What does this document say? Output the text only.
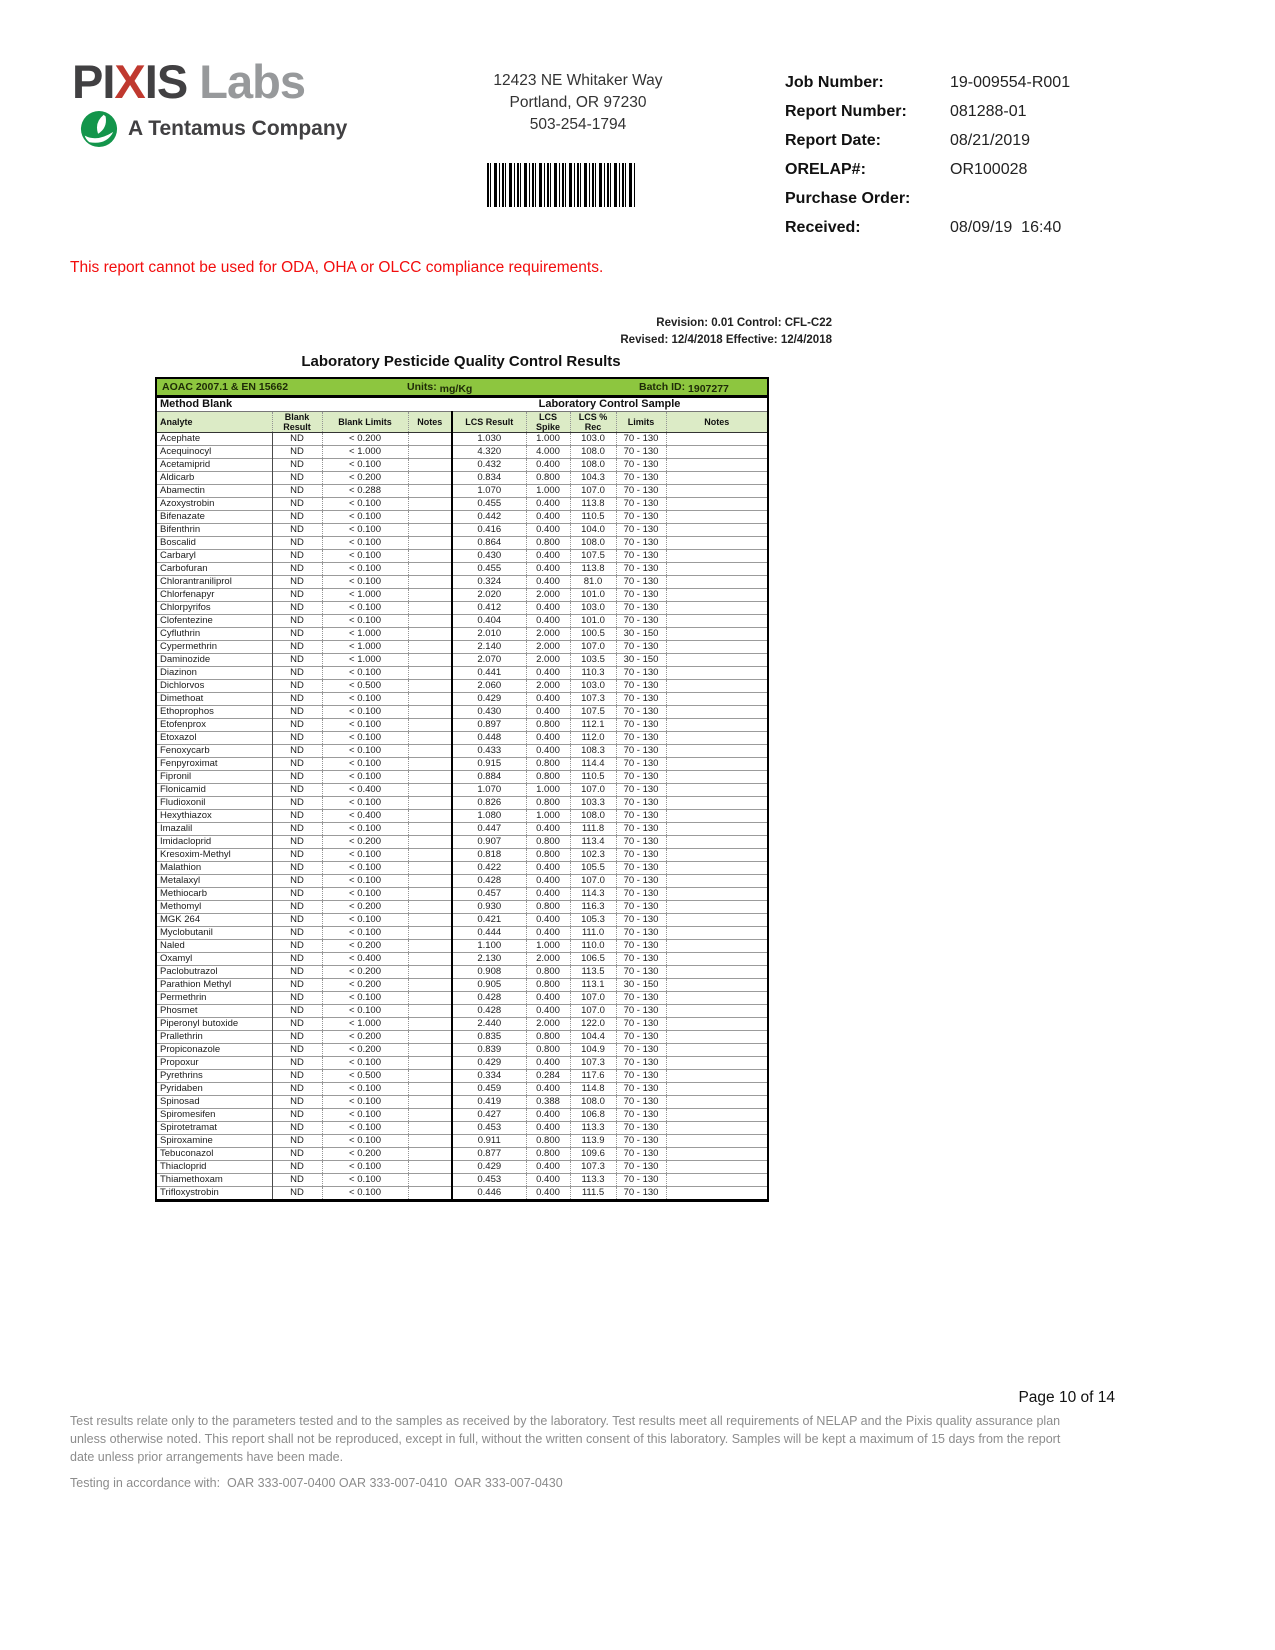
PIXIS Labs
A Tentamus Company
12423 NE Whitaker Way
Portland, OR 97230
503-254-1794
Job Number:	19-009554-R001
Report Number:	081288-01
Report Date:	08/21/2019
ORELAP#:	OR100028
Purchase Order:
Received:	08/09/19  16:40
This report cannot be used for ODA, OHA or OLCC compliance requirements.
Revision: 0.01 Control: CFL-C22
Revised: 12/4/2018 Effective: 12/4/2018
Laboratory Pesticide Quality Control Results
AOAC 2007.1 & EN 15662 Units: mg/Kg Batch ID: 1907277								

Method Blank				Laboratory Control Sample				
Analyte	Blank Result	Blank Limits	Notes	LCS Result	LCS Spike	LCS % Rec	Limits	Notes
Acephate	ND	< 0.200		1.030	1.000	103.0	70 - 130	
Acequinocyl	ND	< 1.000		4.320	4.000	108.0	70 - 130	
Acetamiprid	ND	< 0.100		0.432	0.400	108.0	70 - 130	
Aldicarb	ND	< 0.200		0.834	0.800	104.3	70 - 130	
Abamectin	ND	< 0.288		1.070	1.000	107.0	70 - 130	
Azoxystrobin	ND	< 0.100		0.455	0.400	113.8	70 - 130	
Bifenazate	ND	< 0.100		0.442	0.400	110.5	70 - 130	
Bifenthrin	ND	< 0.100		0.416	0.400	104.0	70 - 130	
Boscalid	ND	< 0.100		0.864	0.800	108.0	70 - 130	
Carbaryl	ND	< 0.100		0.430	0.400	107.5	70 - 130	
Carbofuran	ND	< 0.100		0.455	0.400	113.8	70 - 130	
Chlorantraniliprol	ND	< 0.100		0.324	0.400	81.0	70 - 130	
Chlorfenapyr	ND	< 1.000		2.020	2.000	101.0	70 - 130	
Chlorpyrifos	ND	< 0.100		0.412	0.400	103.0	70 - 130	
Clofentezine	ND	< 0.100		0.404	0.400	101.0	70 - 130	
Cyfluthrin	ND	< 1.000		2.010	2.000	100.5	30 - 150	
Cypermethrin	ND	< 1.000		2.140	2.000	107.0	70 - 130	
Daminozide	ND	< 1.000		2.070	2.000	103.5	30 - 150	
Diazinon	ND	< 0.100		0.441	0.400	110.3	70 - 130	
Dichlorvos	ND	< 0.500		2.060	2.000	103.0	70 - 130	
Dimethoat	ND	< 0.100		0.429	0.400	107.3	70 - 130	
Ethoprophos	ND	< 0.100		0.430	0.400	107.5	70 - 130	
Etofenprox	ND	< 0.100		0.897	0.800	112.1	70 - 130	
Etoxazol	ND	< 0.100		0.448	0.400	112.0	70 - 130	
Fenoxycarb	ND	< 0.100		0.433	0.400	108.3	70 - 130	
Fenpyroximat	ND	< 0.100		0.915	0.800	114.4	70 - 130	
Fipronil	ND	< 0.100		0.884	0.800	110.5	70 - 130	
Flonicamid	ND	< 0.400		1.070	1.000	107.0	70 - 130	
Fludioxonil	ND	< 0.100		0.826	0.800	103.3	70 - 130	
Hexythiazox	ND	< 0.400		1.080	1.000	108.0	70 - 130	
Imazalil	ND	< 0.100		0.447	0.400	111.8	70 - 130	
Imidacloprid	ND	< 0.200		0.907	0.800	113.4	70 - 130	
Kresoxim-Methyl	ND	< 0.100		0.818	0.800	102.3	70 - 130	
Malathion	ND	< 0.100		0.422	0.400	105.5	70 - 130	
Metalaxyl	ND	< 0.100		0.428	0.400	107.0	70 - 130	
Methiocarb	ND	< 0.100		0.457	0.400	114.3	70 - 130	
Methomyl	ND	< 0.200		0.930	0.800	116.3	70 - 130	
MGK 264	ND	< 0.100		0.421	0.400	105.3	70 - 130	
Myclobutanil	ND	< 0.100		0.444	0.400	111.0	70 - 130	
Naled	ND	< 0.200		1.100	1.000	110.0	70 - 130	
Oxamyl	ND	< 0.400		2.130	2.000	106.5	70 - 130	
Paclobutrazol	ND	< 0.200		0.908	0.800	113.5	70 - 130	
Parathion Methyl	ND	< 0.200		0.905	0.800	113.1	30 - 150	
Permethrin	ND	< 0.100		0.428	0.400	107.0	70 - 130	
Phosmet	ND	< 0.100		0.428	0.400	107.0	70 - 130	
Piperonyl butoxide	ND	< 1.000		2.440	2.000	122.0	70 - 130	
Prallethrin	ND	< 0.200		0.835	0.800	104.4	70 - 130	
Propiconazole	ND	< 0.200		0.839	0.800	104.9	70 - 130	
Propoxur	ND	< 0.100		0.429	0.400	107.3	70 - 130	
Pyrethrins	ND	< 0.500		0.334	0.284	117.6	70 - 130	
Pyridaben	ND	< 0.100		0.459	0.400	114.8	70 - 130	
Spinosad	ND	< 0.100		0.419	0.388	108.0	70 - 130	
Spiromesifen	ND	< 0.100		0.427	0.400	106.8	70 - 130	
Spirotetramat	ND	< 0.100		0.453	0.400	113.3	70 - 130	
Spiroxamine	ND	< 0.100		0.911	0.800	113.9	70 - 130	
Tebuconazol	ND	< 0.200		0.877	0.800	109.6	70 - 130	
Thiacloprid	ND	< 0.100		0.429	0.400	107.3	70 - 130	
Thiamethoxam	ND	< 0.100		0.453	0.400	113.3	70 - 130	
Trifloxystrobin	ND	< 0.100		0.446	0.400	111.5	70 - 130	
Page 10 of 14
Test results relate only to the parameters tested and to the samples as received by the laboratory. Test results meet all requirements of NELAP and the Pixis quality assurance plan unless otherwise noted. This report shall not be reproduced, except in full, without the written consent of this laboratory. Samples will be kept a maximum of 15 days from the report date unless prior arrangements have been made.
Testing in accordance with:  OAR 333-007-0400 OAR 333-007-0410  OAR 333-007-0430
